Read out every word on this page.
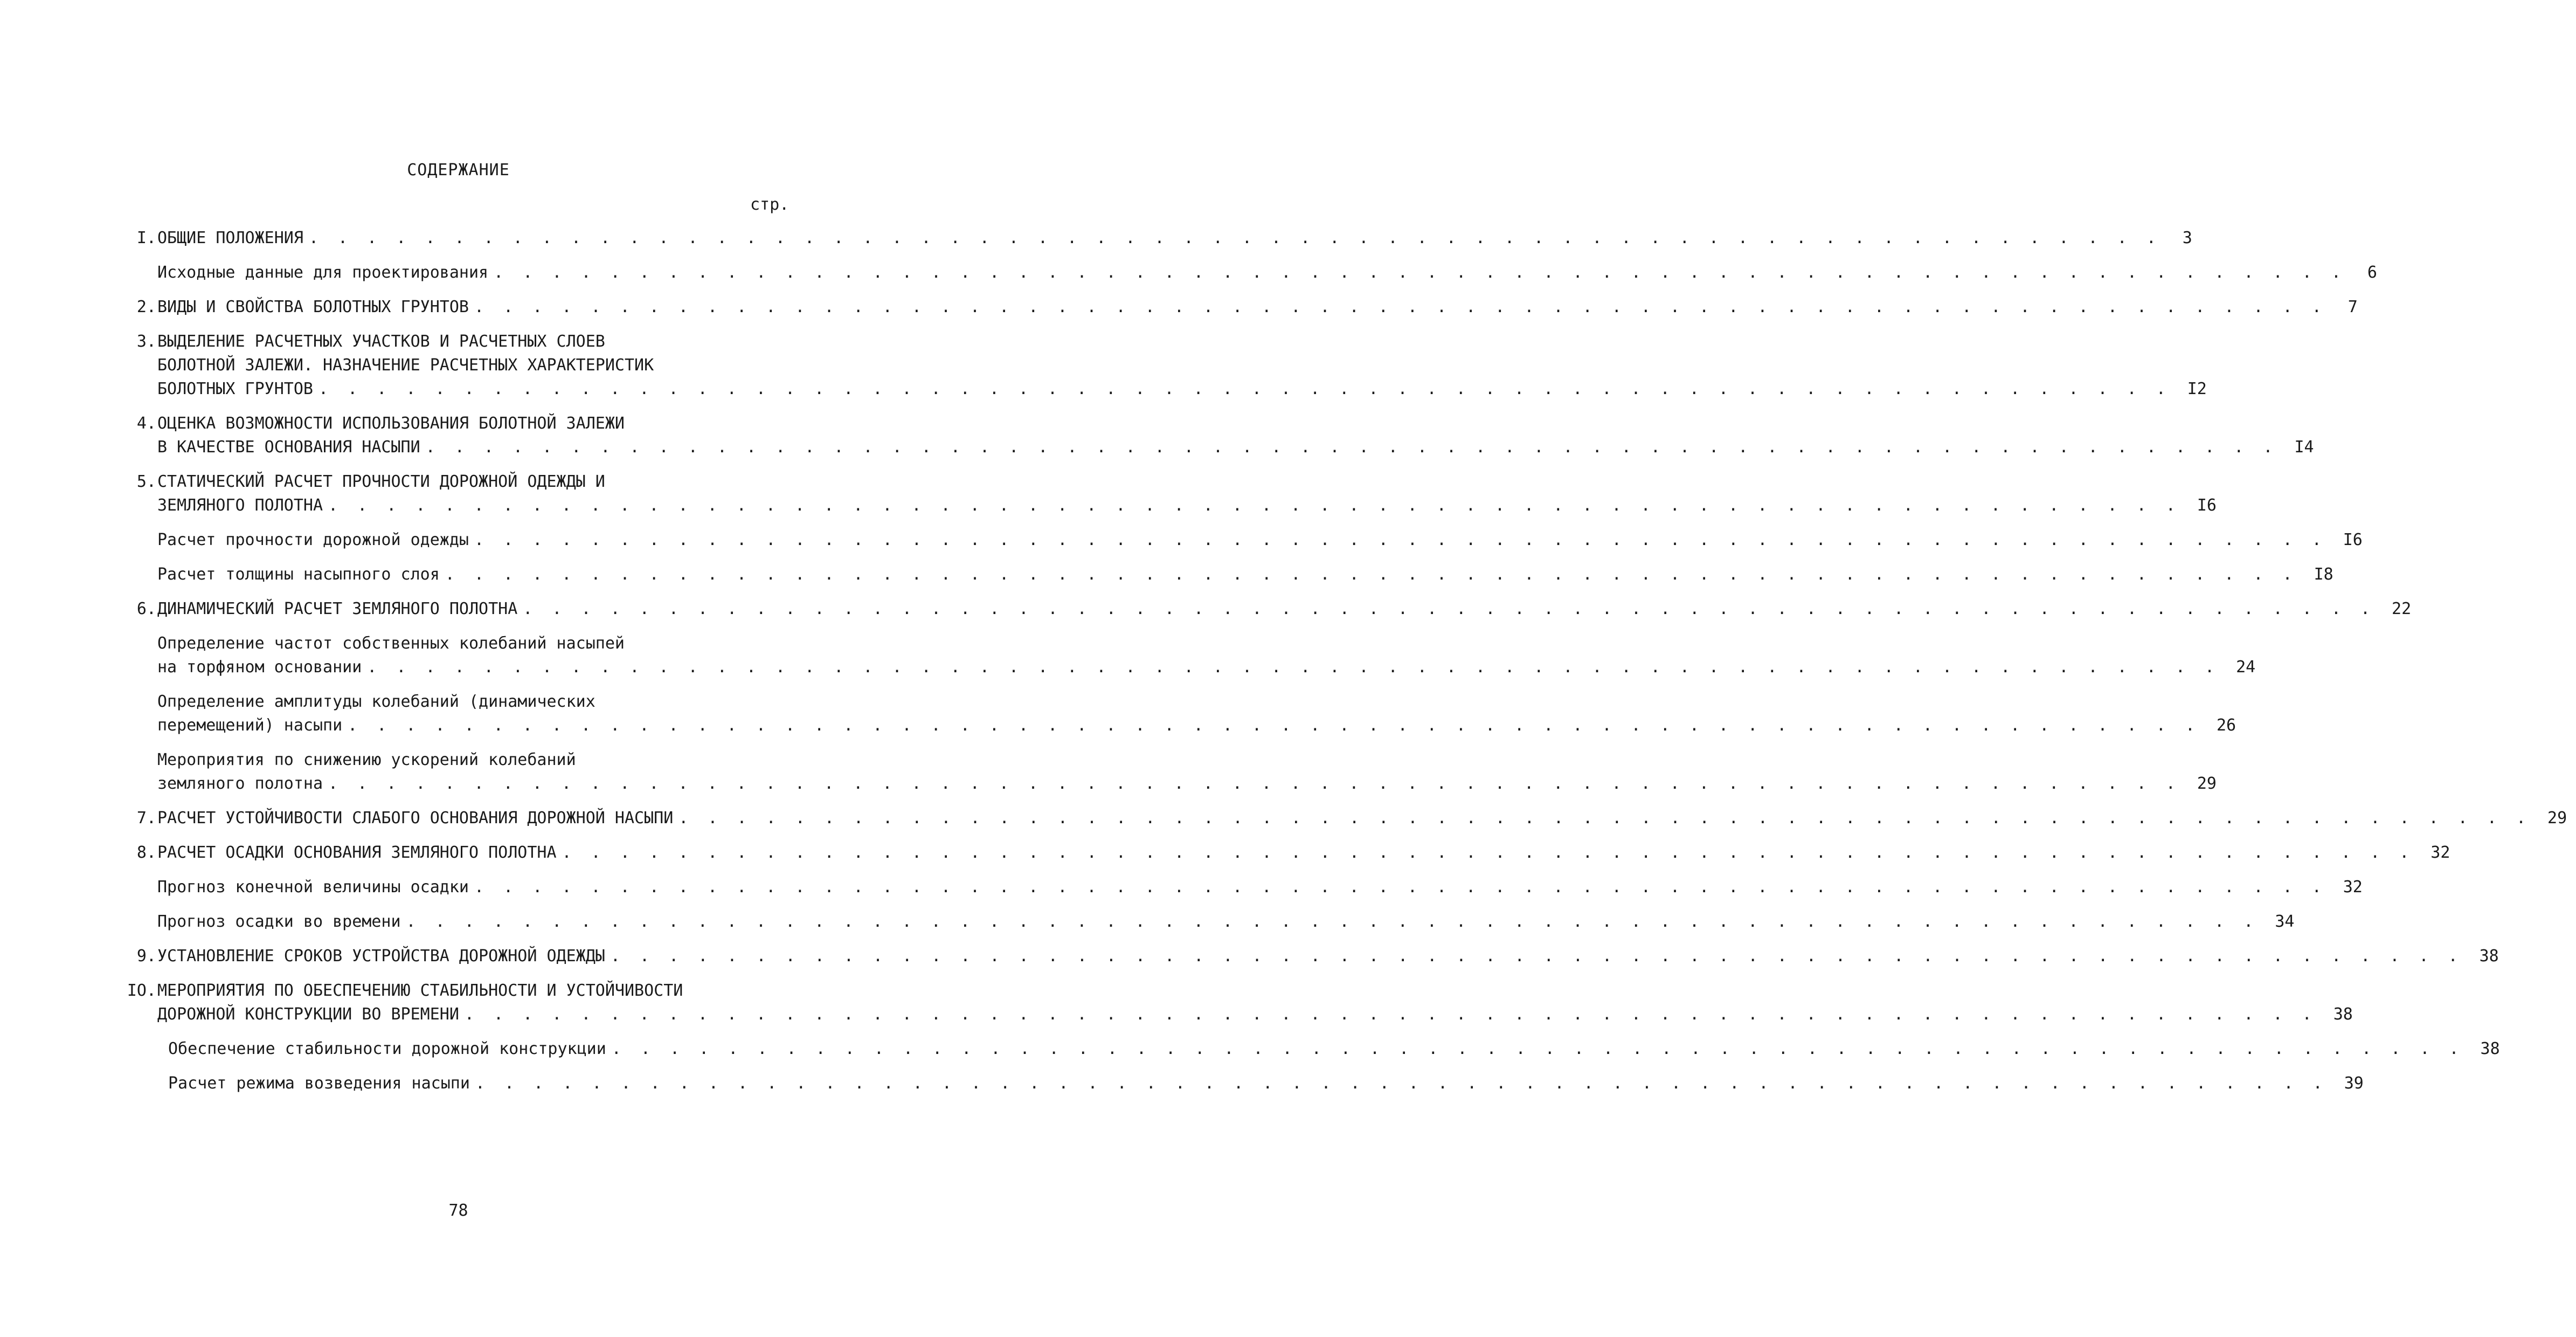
СОДЕРЖАНИЕ
стр.
I. ОБЩИЕ ПОЛОЖЕНИЯ . . . . . . . . . . . . . . . . . . . . . . . . . . . . . . . . . . . . . . . . . . . . . . . . . . . . . . . . . . . . . . . .	3
Исходные данные для проектирования . . . . . . . . . . . . . . . . . . . . . . . . . . . . . . . . . . . . . . . . . . . . . . . . . . . . . . . . . . . . . . . .	6
2. ВИДЫ И СВОЙСТВА БОЛОТНЫХ ГРУНТОВ . . . . . . . . . . . . . . . . . . . . . . . . . . . . . . . . . . . . . . . . . . . . . . . . . . . . . . . . . . . . . . . .	7
3. ВЫДЕЛЕНИЕ РАСЧЕТНЫХ УЧАСТКОВ И РАСЧЕТНЫХ СЛОЕВ
БОЛОТНОЙ ЗАЛЕЖИ. НАЗНАЧЕНИЕ РАСЧЕТНЫХ ХАРАКТЕРИСТИК
БОЛОТНЫХ ГРУНТОВ . . . . . . . . . . . . . . . . . . . . . . . . . . . . . . . . . . . . . . . . . . . . . . . . . . . . . . . . . . . . . . . .	I2
4. ОЦЕНКА ВОЗМОЖНОСТИ ИСПОЛЬЗОВАНИЯ БОЛОТНОЙ ЗАЛЕЖИ
В КАЧЕСТВЕ ОСНОВАНИЯ НАСЫПИ . . . . . . . . . . . . . . . . . . . . . . . . . . . . . . . . . . . . . . . . . . . . . . . . . . . . . . . . . . . . . . . .	I4
5. СТАТИЧЕСКИЙ РАСЧЕТ ПРОЧНОСТИ ДОРОЖНОЙ ОДЕЖДЫ И
ЗЕМЛЯНОГО ПОЛОТНА . . . . . . . . . . . . . . . . . . . . . . . . . . . . . . . . . . . . . . . . . . . . . . . . . . . . . . . . . . . . . . . .	I6
Расчет прочности дорожной одежды . . . . . . . . . . . . . . . . . . . . . . . . . . . . . . . . . . . . . . . . . . . . . . . . . . . . . . . . . . . . . . . .	I6
Расчет толщины насыпного слоя . . . . . . . . . . . . . . . . . . . . . . . . . . . . . . . . . . . . . . . . . . . . . . . . . . . . . . . . . . . . . . . .	I8
6. ДИНАМИЧЕСКИЙ РАСЧЕТ ЗЕМЛЯНОГО ПОЛОТНА . . . . . . . . . . . . . . . . . . . . . . . . . . . . . . . . . . . . . . . . . . . . . . . . . . . . . . . . . . . . . . . .	22
Определение частот собственных колебаний насыпей
на торфяном основании . . . . . . . . . . . . . . . . . . . . . . . . . . . . . . . . . . . . . . . . . . . . . . . . . . . . . . . . . . . . . . . .	24
Определение амплитуды колебаний (динамических
перемещений) насыпи . . . . . . . . . . . . . . . . . . . . . . . . . . . . . . . . . . . . . . . . . . . . . . . . . . . . . . . . . . . . . . . .	26
Мероприятия по снижению ускорений колебаний
земляного полотна . . . . . . . . . . . . . . . . . . . . . . . . . . . . . . . . . . . . . . . . . . . . . . . . . . . . . . . . . . . . . . . .	29
7. РАСЧЕТ УСТОЙЧИВОСТИ СЛАБОГО ОСНОВАНИЯ ДОРОЖНОЙ НАСЫПИ . . . . . . . . . . . . . . . . . . . . . . . . . . . . . . . . . . . . . . . . . . . . . . . . . . . . . . . . . . . . . . . .	29
8. РАСЧЕТ ОСАДКИ ОСНОВАНИЯ ЗЕМЛЯНОГО ПОЛОТНА . . . . . . . . . . . . . . . . . . . . . . . . . . . . . . . . . . . . . . . . . . . . . . . . . . . . . . . . . . . . . . . .	32
Прогноз конечной величины осадки . . . . . . . . . . . . . . . . . . . . . . . . . . . . . . . . . . . . . . . . . . . . . . . . . . . . . . . . . . . . . . . .	32
Прогноз осадки во времени . . . . . . . . . . . . . . . . . . . . . . . . . . . . . . . . . . . . . . . . . . . . . . . . . . . . . . . . . . . . . . . .	34
9. УСТАНОВЛЕНИЕ СРОКОВ УСТРОЙСТВА ДОРОЖНОЙ ОДЕЖДЫ . . . . . . . . . . . . . . . . . . . . . . . . . . . . . . . . . . . . . . . . . . . . . . . . . . . . . . . . . . . . . . . .	38
IO. МЕРОПРИЯТИЯ ПО ОБЕСПЕЧЕНИЮ СТАБИЛЬНОСТИ И УСТОЙЧИВОСТИ
ДОРОЖНОЙ КОНСТРУКЦИИ ВО ВРЕМЕНИ . . . . . . . . . . . . . . . . . . . . . . . . . . . . . . . . . . . . . . . . . . . . . . . . . . . . . . . . . . . . . . . .	38
Обеспечение стабильности дорожной конструкции . . . . . . . . . . . . . . . . . . . . . . . . . . . . . . . . . . . . . . . . . . . . . . . . . . . . . . . . . . . . . . . .	38
Расчет режима возведения насыпи . . . . . . . . . . . . . . . . . . . . . . . . . . . . . . . . . . . . . . . . . . . . . . . . . . . . . . . . . . . . . . . .	39
78
